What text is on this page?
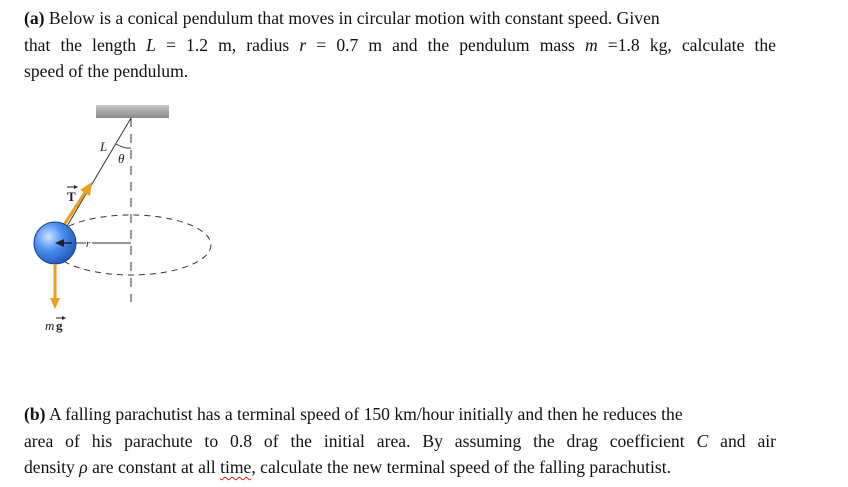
(a) Below is a conical pendulum that moves in circular motion with constant speed. Given
that the length L = 1.2 m, radius r = 0.7 m and the pendulum mass m =1.8 kg, calculate the
speed of the pendulum.
L
θ
r
T
m g
(b) A falling parachutist has a terminal speed of 150 km/hour initially and then he reduces the
area of his parachute to 0.8 of the initial area. By assuming the drag coefficient C and air
density ρ are constant at all time, calculate the new terminal speed of the falling parachutist.
